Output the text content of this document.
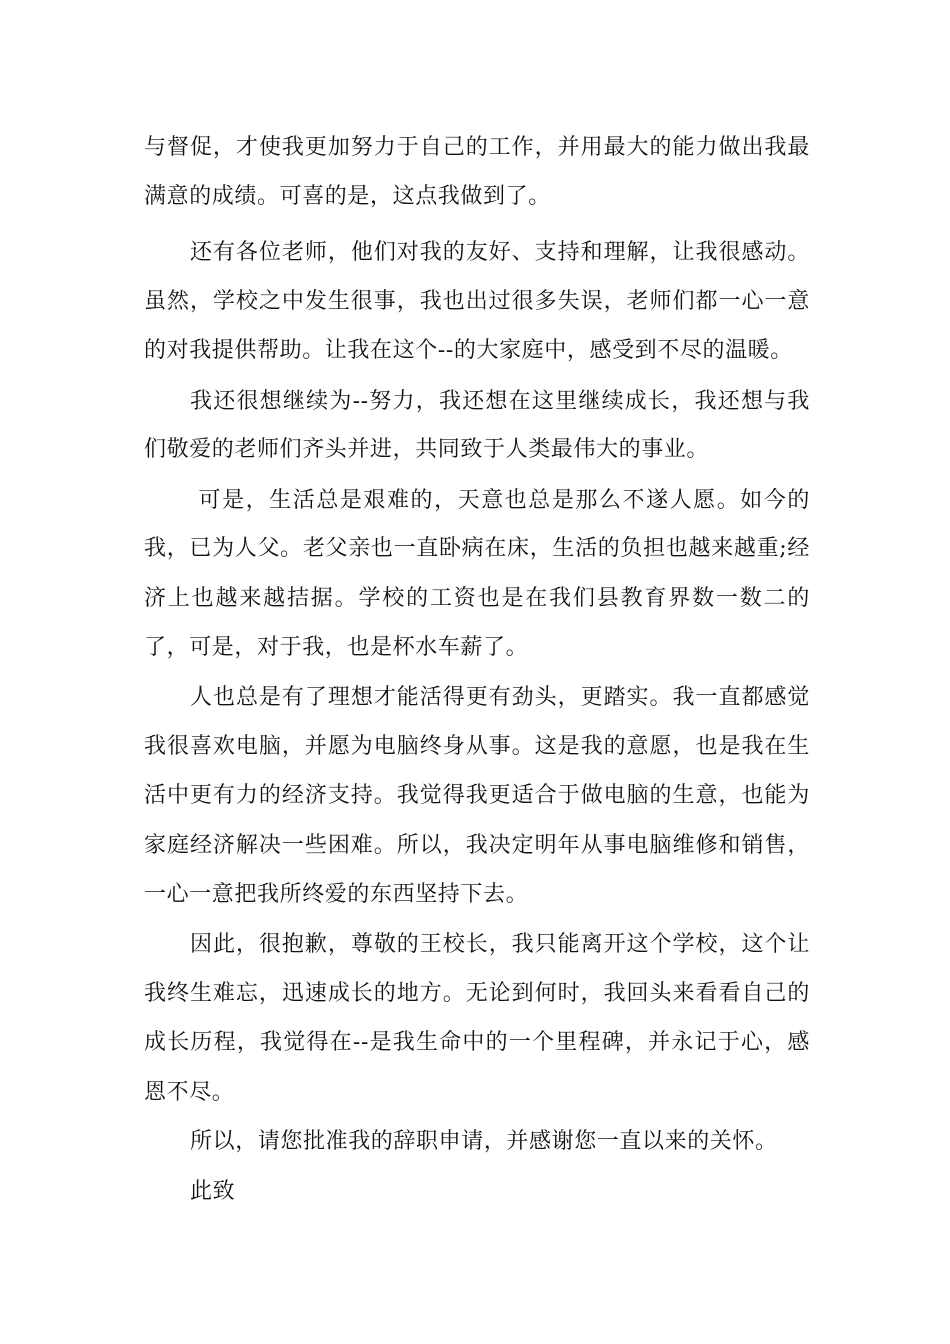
与督促，才使我更加努力于自己的工作，并用最大的能力做出我最
满意的成绩。可喜的是，这点我做到了。
还有各位老师，他们对我的友好、支持和理解，让我很感动。
虽然，学校之中发生很事，我也出过很多失误，老师们都一心一意
的对我提供帮助。让我在这个--的大家庭中，感受到不尽的温暖。
我还很想继续为--努力，我还想在这里继续成长，我还想与我
们敬爱的老师们齐头并进，共同致于人类最伟大的事业。
可是，生活总是艰难的，天意也总是那么不遂人愿。如今的
我，已为人父。老父亲也一直卧病在床，生活的负担也越来越重;经
济上也越来越拮据。学校的工资也是在我们县教育界数一数二的
了，可是，对于我，也是杯水车薪了。
人也总是有了理想才能活得更有劲头，更踏实。我一直都感觉
我很喜欢电脑，并愿为电脑终身从事。这是我的意愿，也是我在生
活中更有力的经济支持。我觉得我更适合于做电脑的生意，也能为
家庭经济解决一些困难。所以，我决定明年从事电脑维修和销售，
一心一意把我所终爱的东西坚持下去。
因此，很抱歉，尊敬的王校长，我只能离开这个学校，这个让
我终生难忘，迅速成长的地方。无论到何时，我回头来看看自己的
成长历程，我觉得在--是我生命中的一个里程碑，并永记于心，感
恩不尽。
所以，请您批准我的辞职申请，并感谢您一直以来的关怀。
此致
